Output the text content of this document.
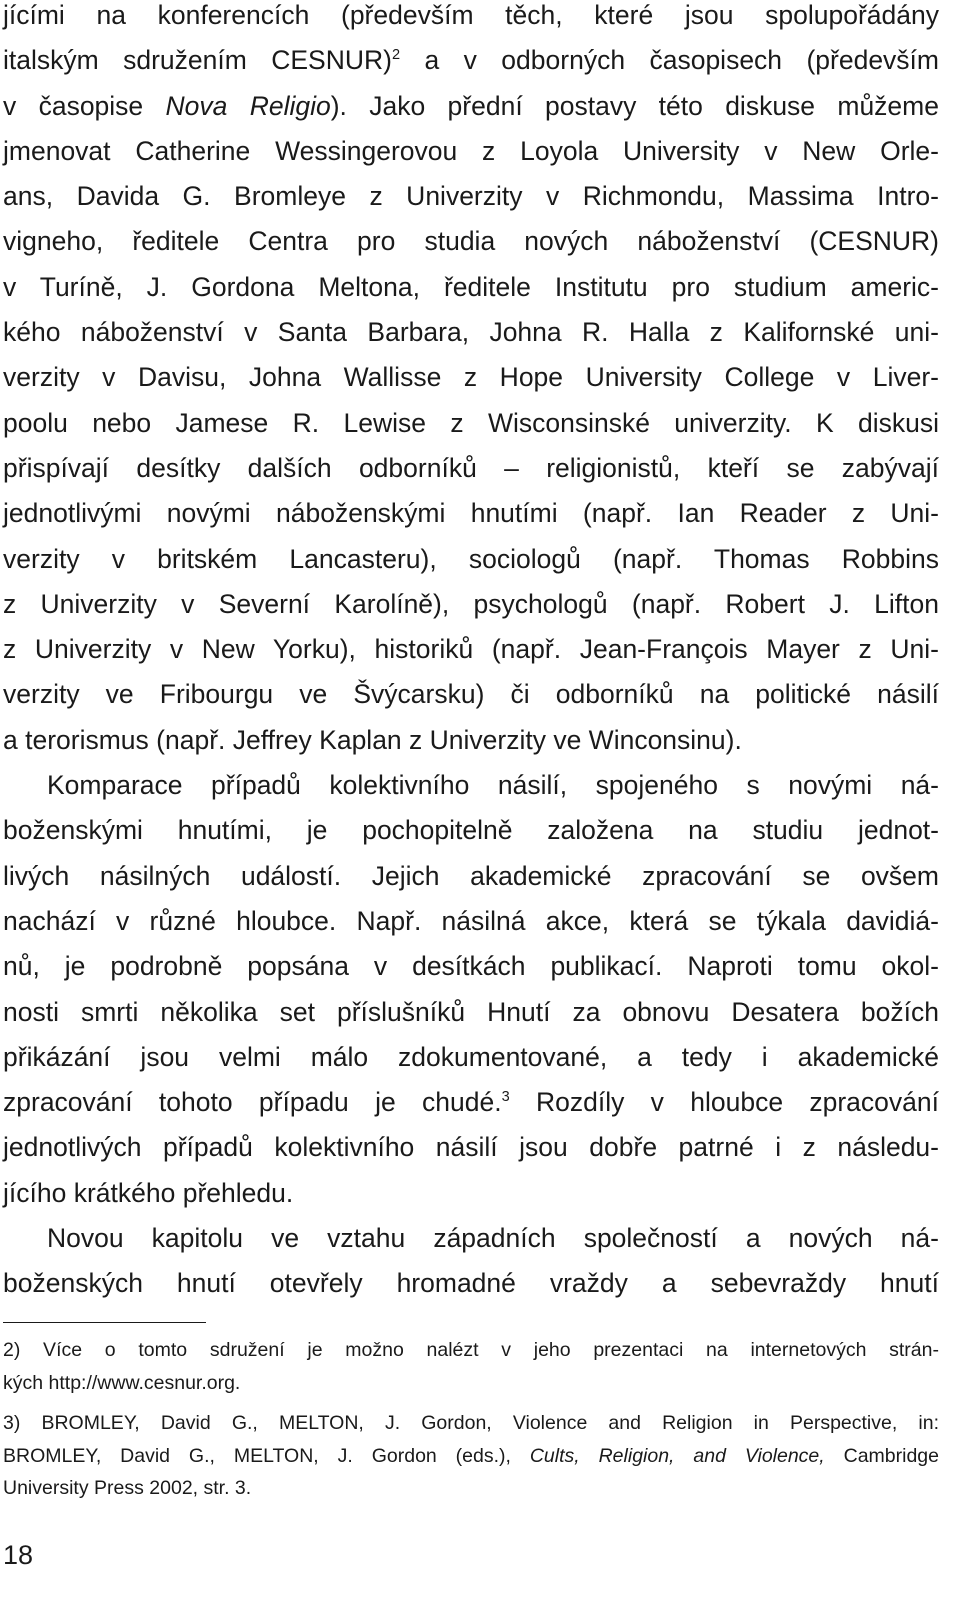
jícími na konferencích (především těch, které jsou spolupořádány
italským sdružením CESNUR)$^2$ a v odborných časopisech (především
v časopise Nova Religio). Jako přední postavy této diskuse můžeme
jmenovat Catherine Wessingerovou z Loyola University v New Orle-
ans, Davida G. Bromleye z Univerzity v Richmondu, Massima Intro-
vigneho, ředitele Centra pro studia nových náboženství (CESNUR)
v Turíně, J. Gordona Meltona, ředitele Institutu pro studium americ-
kého náboženství v Santa Barbara, Johna R. Halla z Kalifornské uni-
verzity v Davisu, Johna Wallisse z Hope University College v Liver-
poolu nebo Jamese R. Lewise z Wisconsinské univerzity. K diskusi
přispívají desítky dalších odborníků – religionistů, kteří se zabývají
jednotlivými novými náboženskými hnutími (např. Ian Reader z Uni-
verzity v britském Lancasteru), sociologů (např. Thomas Robbins
z Univerzity v Severní Karolíně), psychologů (např. Robert J. Lifton
z Univerzity v New Yorku), historiků (např. Jean-François Mayer z Uni-
verzity ve Fribourgu ve Švýcarsku) či odborníků na politické násilí
a terorismus (např. Jeffrey Kaplan z Univerzity ve Winconsinu).
Komparace případů kolektivního násilí, spojeného s novými ná-
boženskými hnutími, je pochopitelně založena na studiu jednot-
livých násilných událostí. Jejich akademické zpracování se ovšem
nachází v různé hloubce. Např. násilná akce, která se týkala davidiá-
nů, je podrobně popsána v desítkách publikací. Naproti tomu okol-
nosti smrti několika set příslušníků Hnutí za obnovu Desatera božích
přikázání jsou velmi málo zdokumentované, a tedy i akademické
zpracování tohoto případu je chudé.$^3$ Rozdíly v hloubce zpracování
jednotlivých případů kolektivního násilí jsou dobře patrné i z následu-
jícího krátkého přehledu.
Novou kapitolu ve vztahu západních společností a nových ná-
boženských hnutí otevřely hromadné vraždy a sebevraždy hnutí
2) Více o tomto sdružení je možno nalézt v jeho prezentaci na internetových strán-
kých http://www.cesnur.org.
3) BROMLEY, David G., MELTON, J. Gordon, Violence and Religion in Perspective, in:
BROMLEY, David G., MELTON, J. Gordon (eds.), Cults, Religion, and Violence, Cambridge
University Press 2002, str. 3.
18
